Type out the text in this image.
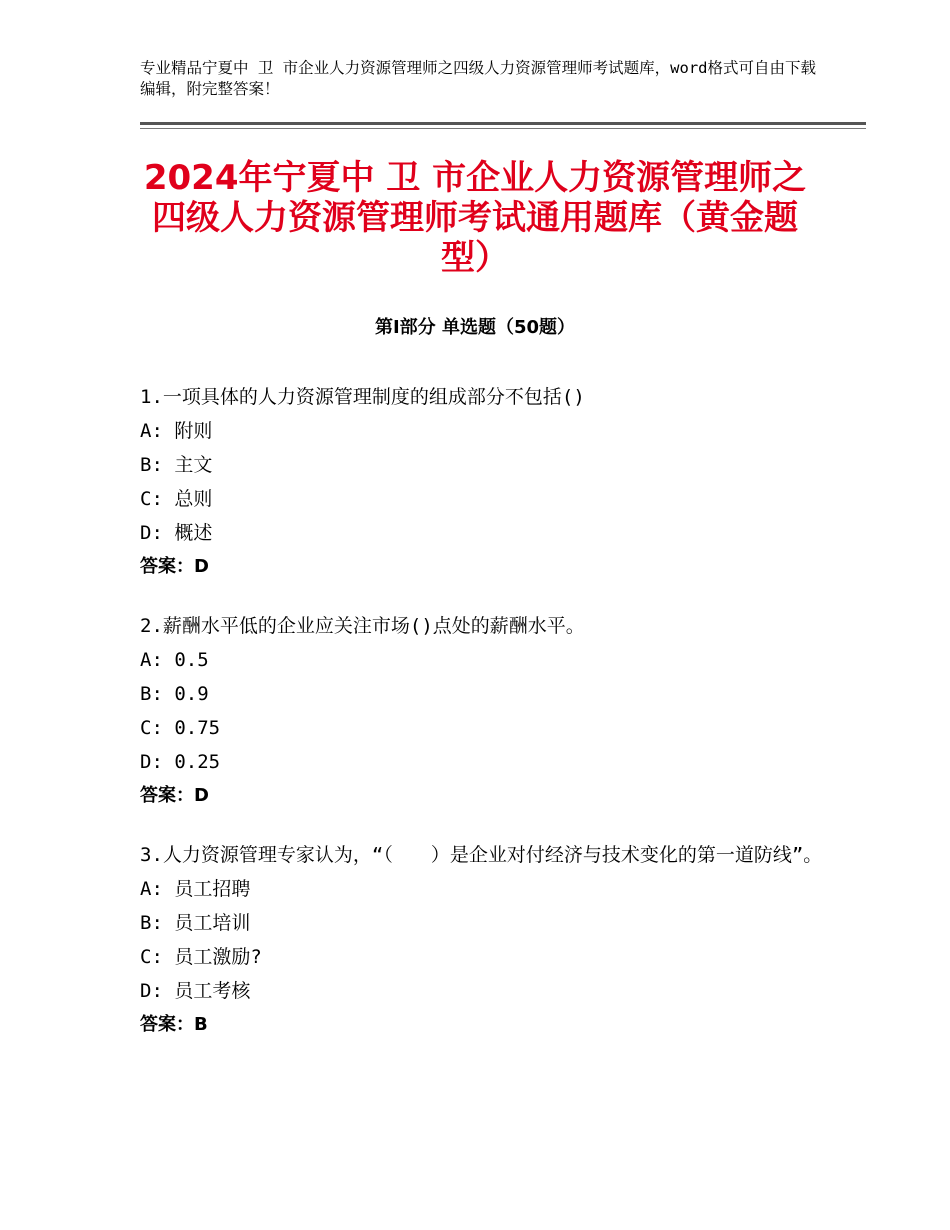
专业精品宁夏中 卫 市企业人力资源管理师之四级人力资源管理师考试题库，word格式可自由下载编辑，附完整答案！
2024年宁夏中 卫 市企业人力资源管理师之四级人力资源管理师考试通用题库（黄金题型）
第Ⅰ部分 单选题（50题）
1.一项具体的人力资源管理制度的组成部分不包括()
A: 附则
B: 主文
C: 总则
D: 概述
答案：D
2.薪酬水平低的企业应关注市场()点处的薪酬水平。
A: 0.5
B: 0.9
C: 0.75
D: 0.25
答案：D
3.人力资源管理专家认为，“（　　）是企业对付经济与技术变化的第一道防线”。
A: 员工招聘
B: 员工培训
C: 员工激励?
D: 员工考核
答案：B
